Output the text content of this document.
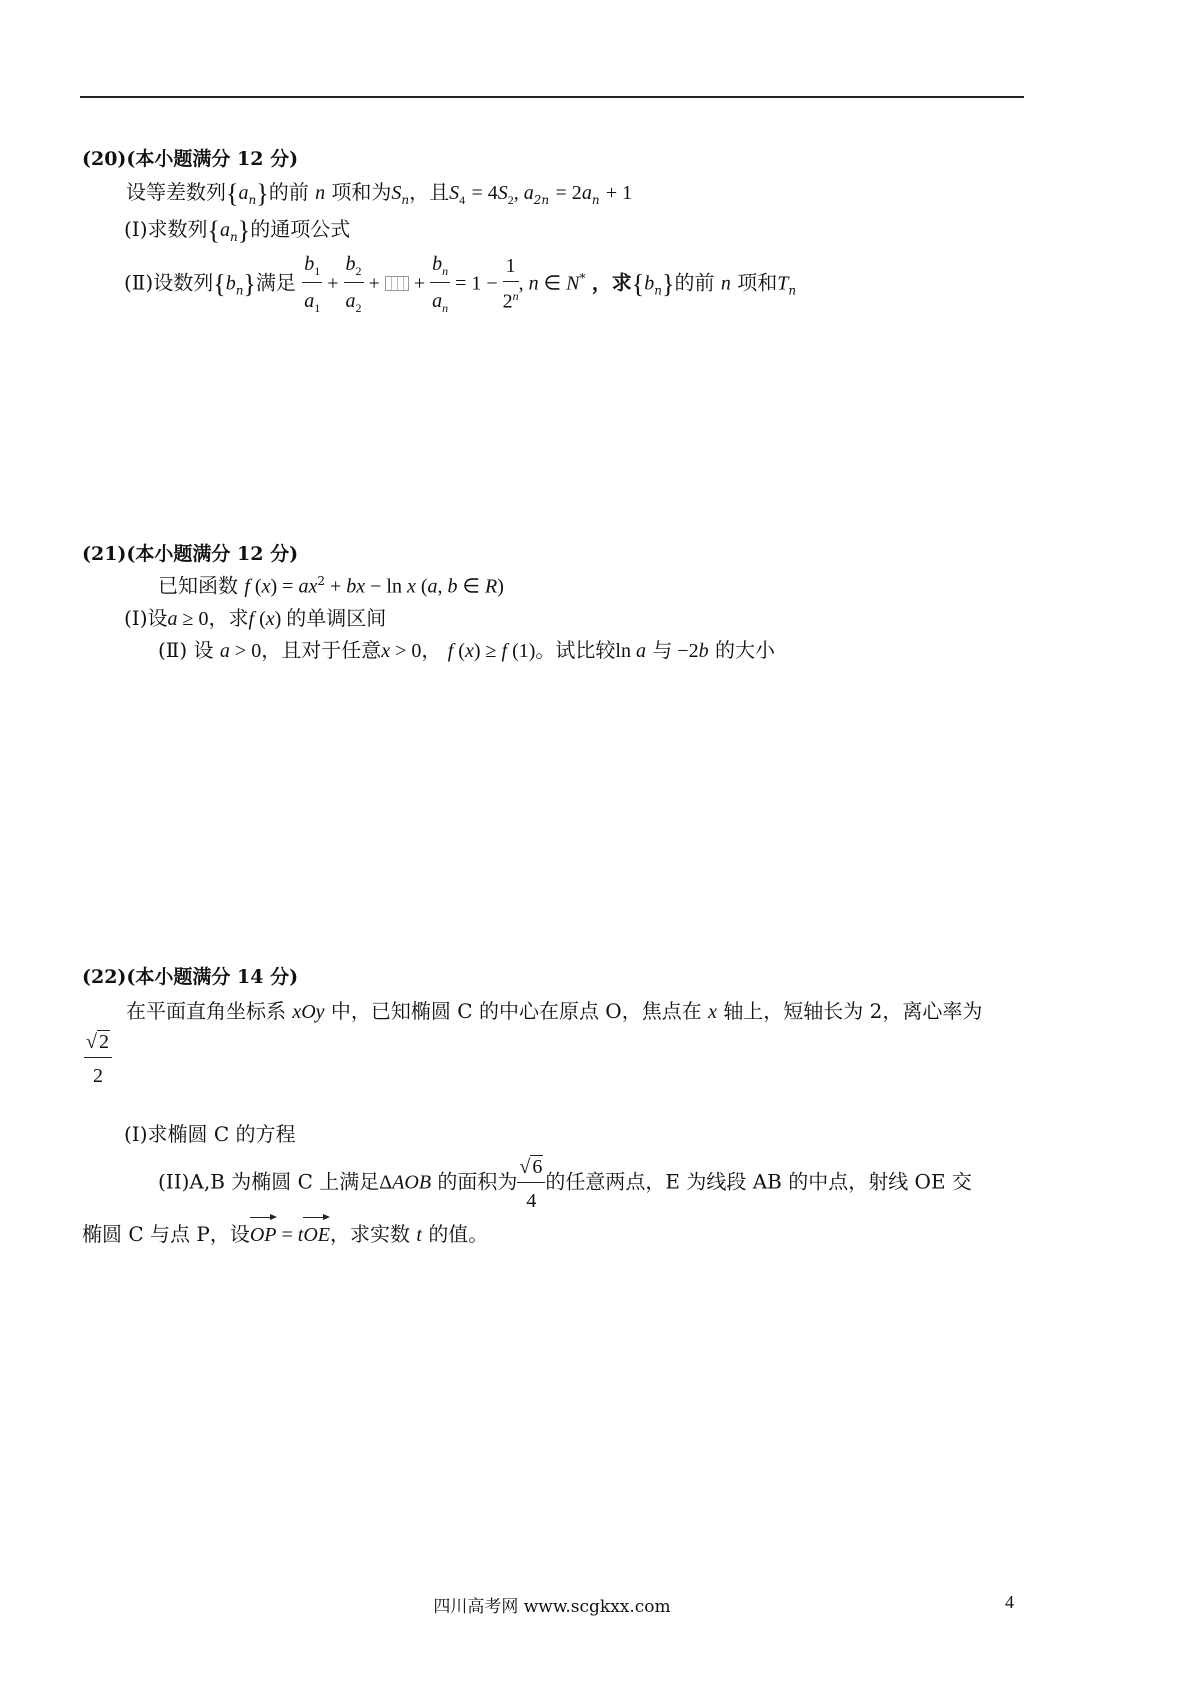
(20)(本小题满分 12 分)
设等差数列$\{a_n\}$的前 n 项和为$S_n$，且$S_4 = 4S_2$, $a_{2n} = 2a_n + 1$
(Ⅰ)求数列$\{a_n\}$的通项公式
(Ⅱ)设数列$\{b_n\}$满足 $\frac{b_1}{a_1} + \frac{b_2}{a_2}$ +  + $\frac{b_n}{a_n} = 1 - \frac{1}{2^n}$ , n ∈ N* ，求$\{b_n\}$的前 n 项和$T_n$
(21)(本小题满分 12 分)
已知函数 f $(x) = ax^2$ + bx − ln x (a, b ∈ R)
(Ⅰ)设a ≥ 0，求f (x) 的单调区间
(Ⅱ) 设 a > 0，且对于任意x > 0， f (x) ≥ f (1)。试比较ln a 与 −2b 的大小
(22)(本小题满分 14 分)
在平面直角坐标系 xOy 中，已知椭圆 C 的中心在原点 O，焦点在 x 轴上，短轴长为 2，离心率为
$\frac{√ 2}{2}$
(I)求椭圆 C 的方程
(II)A,B 为椭圆 C 上满足ΔAOB 的面积为 $\frac{√ 6}{4}$ 的任意两点，E 为线段 AB 的中点，射线 OE 交
椭圆 C 与点 P，设OP = tOE，求实数 t 的值。
四川高考网 www.scgkxx.com	4
